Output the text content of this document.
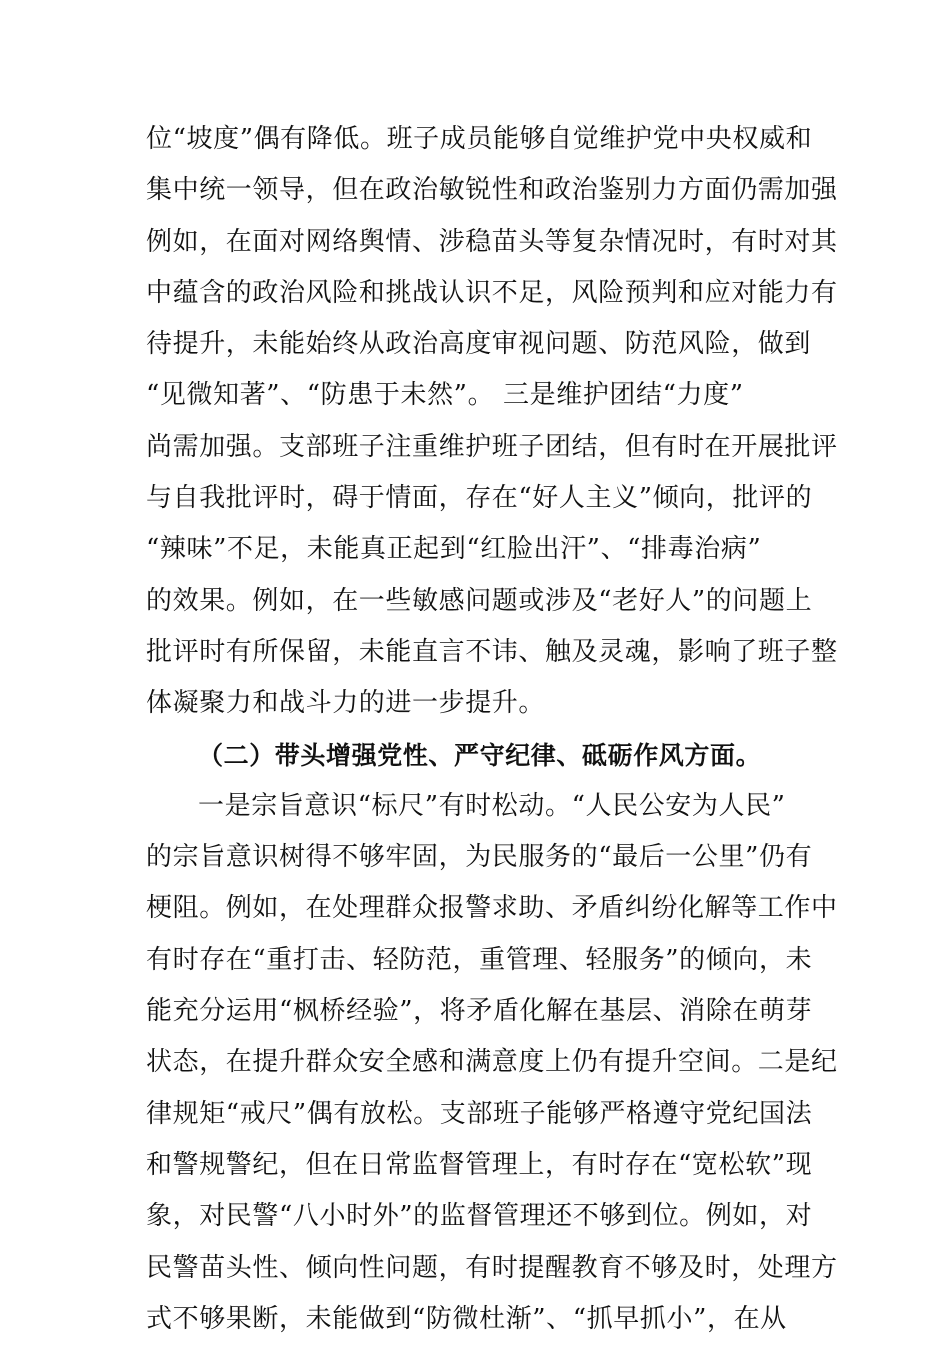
位“坡度”偶有降低。班子成员能够自觉维护党中央权威和
集中统一领导，但在政治敏锐性和政治鉴别力方面仍需加强
例如，在面对网络舆情、涉稳苗头等复杂情况时，有时对其
中蕴含的政治风险和挑战认识不足，风险预判和应对能力有
待提升，未能始终从政治高度审视问题、防范风险，做到
“见微知著”、“防患于未然”。 三是维护团结“力度”
尚需加强。支部班子注重维护班子团结，但有时在开展批评
与自我批评时，碍于情面，存在“好人主义”倾向，批评的
“辣味”不足，未能真正起到“红脸出汗”、“排毒治病”
的效果。例如，在一些敏感问题或涉及“老好人”的问题上
批评时有所保留，未能直言不讳、触及灵魂，影响了班子整
体凝聚力和战斗力的进一步提升。
（二）带头增强党性、严守纪律、砥砺作风方面。
一是宗旨意识“标尺”有时松动。“人民公安为人民”
的宗旨意识树得不够牢固，为民服务的“最后一公里”仍有
梗阻。例如，在处理群众报警求助、矛盾纠纷化解等工作中
有时存在“重打击、轻防范，重管理、轻服务”的倾向，未
能充分运用“枫桥经验”，将矛盾化解在基层、消除在萌芽
状态，在提升群众安全感和满意度上仍有提升空间。二是纪
律规矩“戒尺”偶有放松。支部班子能够严格遵守党纪国法
和警规警纪，但在日常监督管理上，有时存在“宽松软”现
象，对民警“八小时外”的监督管理还不够到位。例如，对
民警苗头性、倾向性问题，有时提醒教育不够及时，处理方
式不够果断，未能做到“防微杜渐”、“抓早抓小”，在从
